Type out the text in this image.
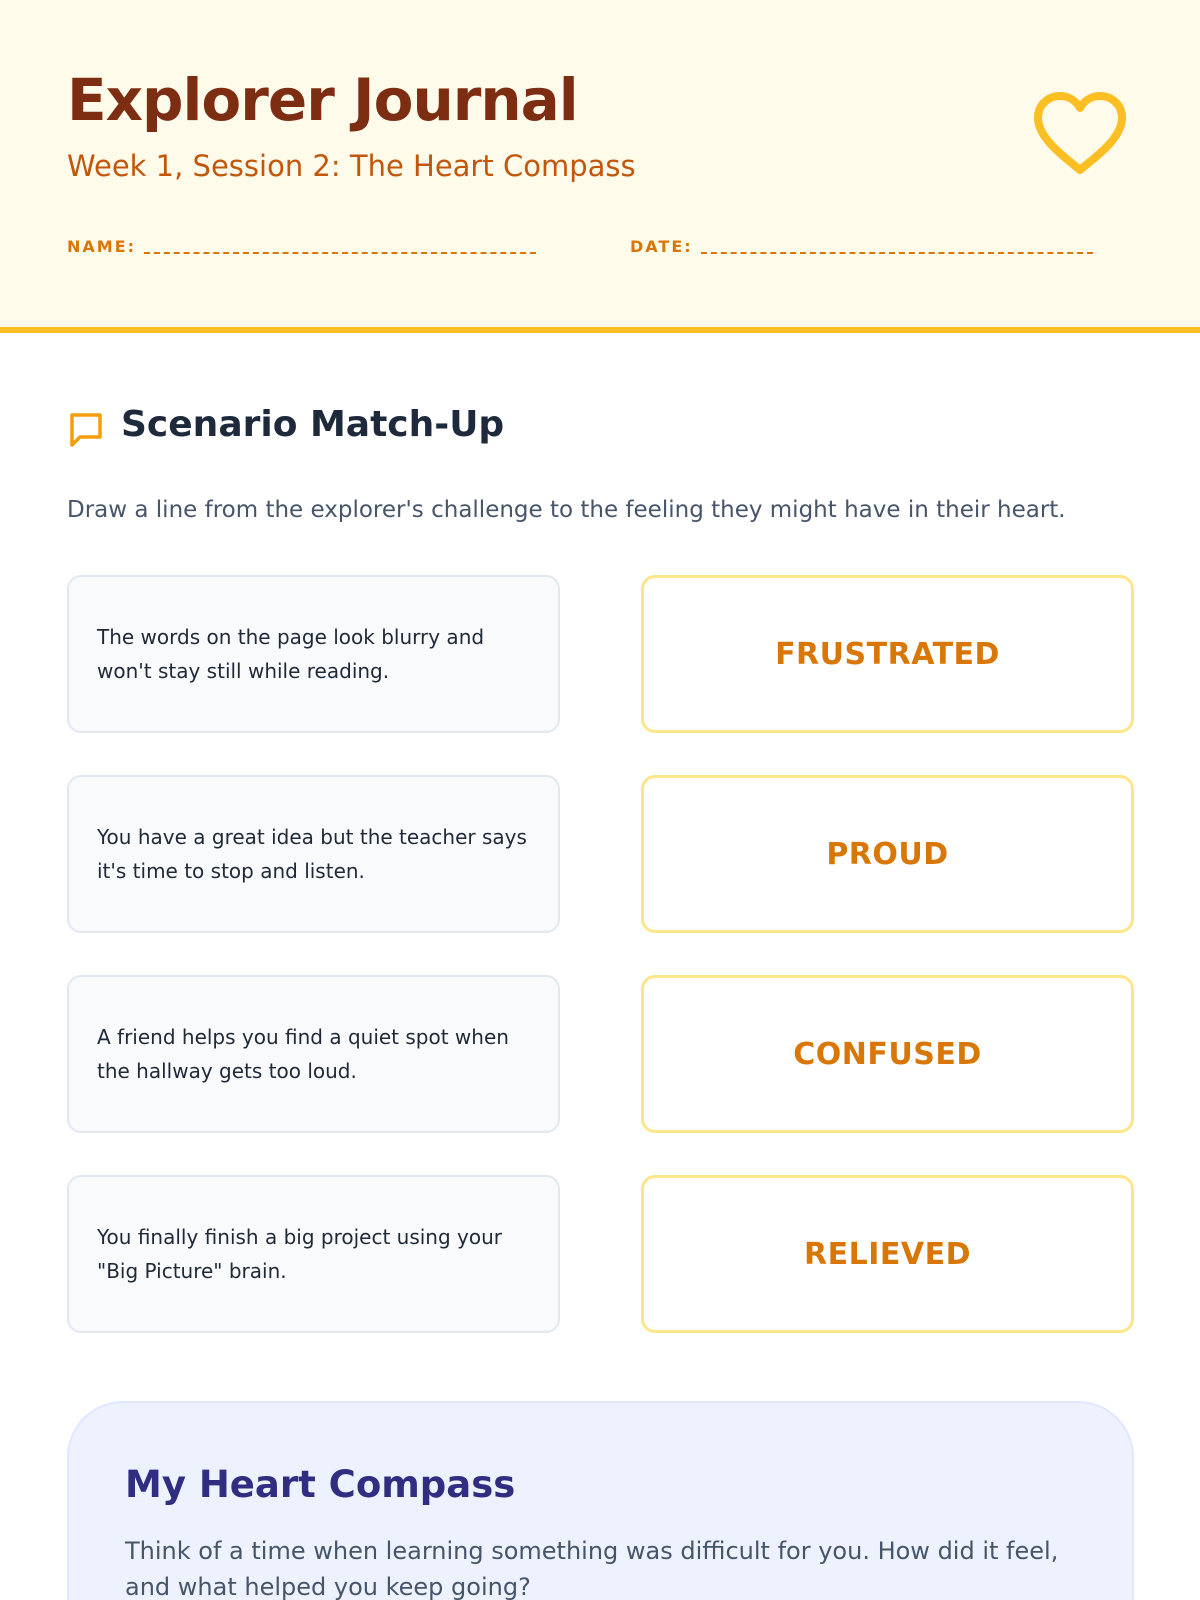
Explorer Journal
Week 1, Session 2: The Heart Compass
NAME:	DATE:
Scenario Match-Up

Draw a line from the explorer's challenge to the feeling they might have in their heart.

The words on the page look blurry and won't stay still while reading.	FRUSTRATED
You have a great idea but the teacher says it's time to stop and listen.	PROUD
A friend helps you find a quiet spot when the hallway gets too loud.	CONFUSED
You finally finish a big project using your "Big Picture" brain.	RELIEVED
My Heart Compass

Think of a time when learning something was difficult for you. How did it feel, and what helped you keep going?
